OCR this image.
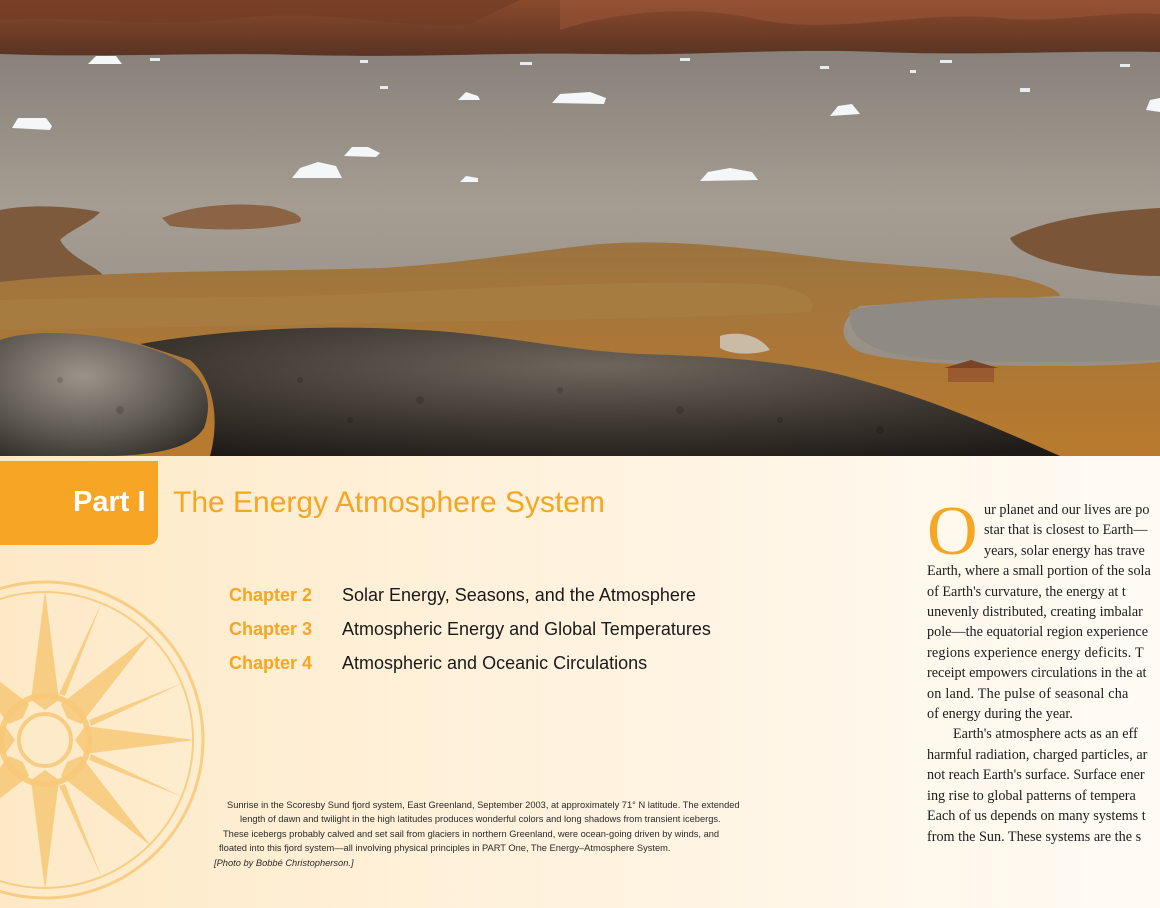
Part I The Energy Atmosphere System
Chapter 2	Solar Energy, Seasons, and the Atmosphere
Chapter 3	Atmospheric Energy and Global Temperatures
Chapter 4	Atmospheric and Oceanic Circulations
Sunrise in the Scoresby Sund fjord system, East Greenland, September 2003, at approximately 71° N latitude. The extended
length of dawn and twilight in the high latitudes produces wonderful colors and long shadows from transient icebergs.
These icebergs probably calved and set sail from glaciers in northern Greenland, were ocean-going driven by winds, and
floated into this fjord system—all involving physical principles in PART One, The Energy–Atmosphere System.
[Photo by Bobbé Christopherson.]
O ur planet and our lives are po
star that is closest to Earth—
years, solar energy has trave
Earth, where a small portion of the sola
of Earth's curvature, the energy at t
unevenly distributed, creating imbalar
pole—the equatorial region experience
regions experience energy deficits. T
receipt empowers circulations in the at
on land. The pulse of seasonal cha
of energy during the year.
Earth's atmosphere acts as an eff
harmful radiation, charged particles, ar
not reach Earth's surface. Surface ener
ing rise to global patterns of tempera
Each of us depends on many systems t
from the Sun. These systems are the s
